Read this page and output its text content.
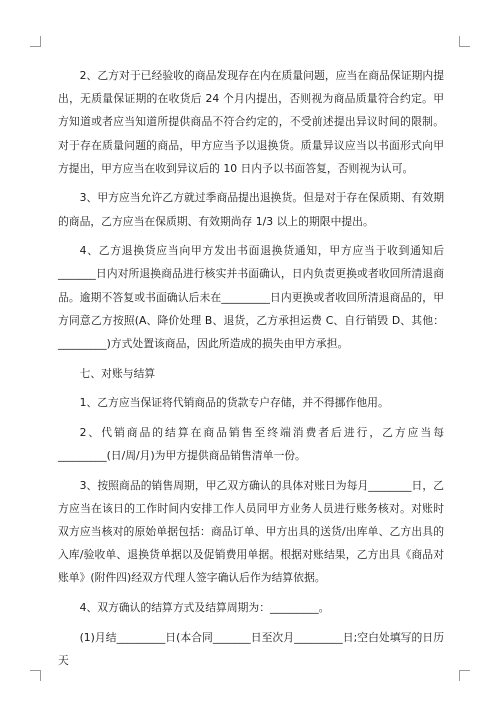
2、乙方对于已经验收的商品发现存在内在质量问题，应当在商品保证期内提出，无质量保证期的在收货后 24 个月内提出，否则视为商品质量符合约定。甲方知道或者应当知道所提供商品不符合约定的，不受前述提出异议时间的限制。对于存在质量问题的商品，甲方应当予以退换货。质量异议应当以书面形式向甲方提出，甲方应当在收到异议后的 10 日内予以书面答复，否则视为认可。

3、甲方应当允许乙方就过季商品提出退换货。但是对于存在保质期、有效期的商品，乙方应当在保质期、有效期尚存 1/3 以上的期限中提出。

4、乙方退换货应当向甲方发出书面退换货通知，甲方应当于收到通知后_______日内对所退换商品进行核实并书面确认，日内负责更换或者收回所清退商品。逾期不答复或书面确认后未在_________日内更换或者收回所清退商品的，甲方同意乙方按照(A、降价处理 B、退货，乙方承担运费 C、自行销毁 D、其他：_________)方式处置该商品，因此所造成的损失由甲方承担。

七、对账与结算

1、乙方应当保证将代销商品的货款专户存储，并不得挪作他用。

2、代销商品的结算在商品销售至终端消费者后进行，乙方应当每_________(日/周/月)为甲方提供商品销售清单一份。

3、按照商品的销售周期，甲乙双方确认的具体对账日为每月________日，乙方应当在该日的工作时间内安排工作人员同甲方业务人员进行账务核对。对账时双方应当核对的原始单据包括：商品订单、甲方出具的送货/出库单、乙方出具的入库/验收单、退换货单据以及促销费用单据。根据对账结果，乙方出具《商品对账单》(附件四)经双方代理人签字确认后作为结算依据。

4、双方确认的结算方式及结算周期为：_________。

(1)月结_________日(本合同_______日至次月_________日;空白处填写的日历天
